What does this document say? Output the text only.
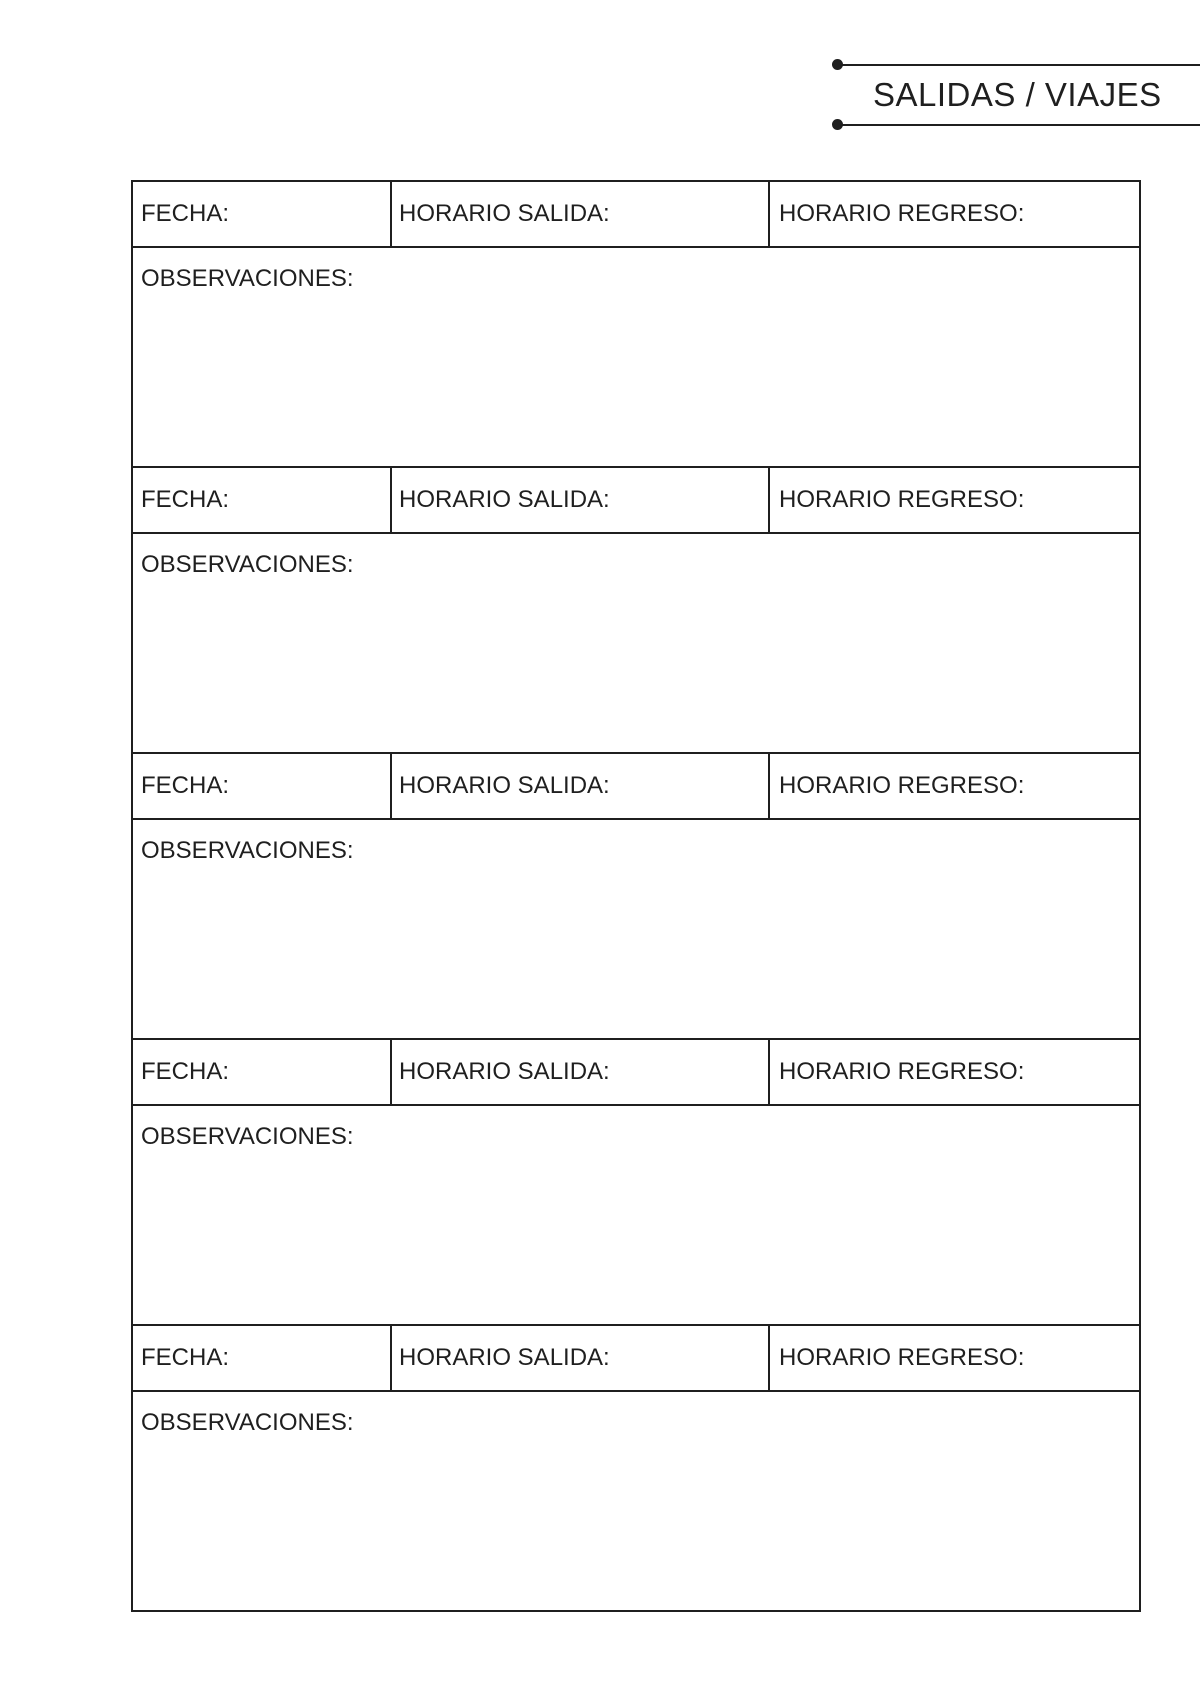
SALIDAS / VIAJES
FECHA:	HORARIO SALIDA:	HORARIO REGRESO:
OBSERVACIONES:
FECHA:	HORARIO SALIDA:	HORARIO REGRESO:
OBSERVACIONES:
FECHA:	HORARIO SALIDA:	HORARIO REGRESO:
OBSERVACIONES:
FECHA:	HORARIO SALIDA:	HORARIO REGRESO:
OBSERVACIONES:
FECHA:	HORARIO SALIDA:	HORARIO REGRESO:
OBSERVACIONES:
